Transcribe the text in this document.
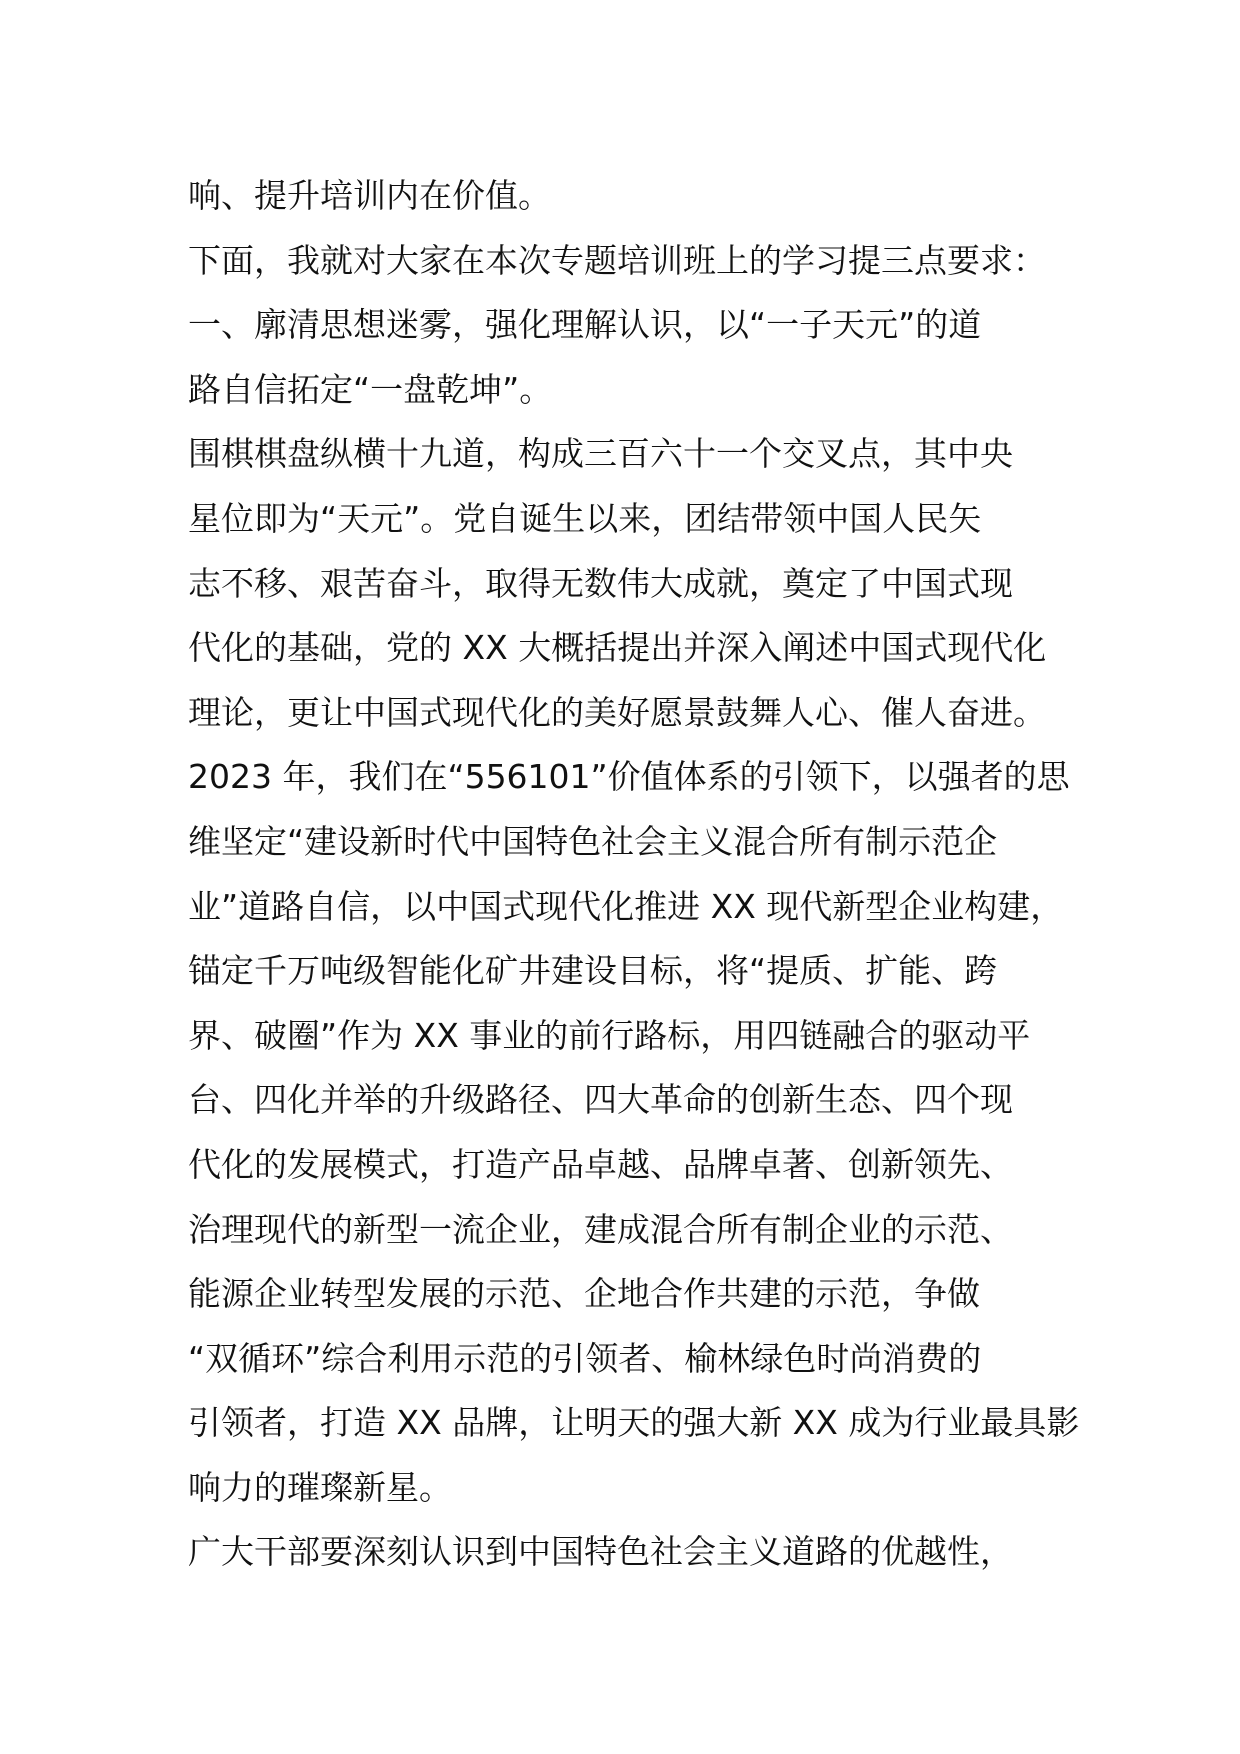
响、提升培训内在价值。
下面，我就对大家在本次专题培训班上的学习提三点要求：
一、廓清思想迷雾，强化理解认识，以“一子天元”的道
路自信拓定“一盘乾坤”。
围棋棋盘纵横十九道，构成三百六十一个交叉点，其中央
星位即为“天元”。党自诞生以来，团结带领中国人民矢
志不移、艰苦奋斗，取得无数伟大成就，奠定了中国式现
代化的基础，党的 XX 大概括提出并深入阐述中国式现代化
理论，更让中国式现代化的美好愿景鼓舞人心、催人奋进。
2023 年，我们在“556101”价值体系的引领下，以强者的思
维坚定“建设新时代中国特色社会主义混合所有制示范企
业”道路自信，以中国式现代化推进 XX 现代新型企业构建，
锚定千万吨级智能化矿井建设目标，将“提质、扩能、跨
界、破圈”作为 XX 事业的前行路标，用四链融合的驱动平
台、四化并举的升级路径、四大革命的创新生态、四个现
代化的发展模式，打造产品卓越、品牌卓著、创新领先、
治理现代的新型一流企业，建成混合所有制企业的示范、
能源企业转型发展的示范、企地合作共建的示范，争做
“双循环”综合利用示范的引领者、榆林绿色时尚消费的
引领者，打造 XX 品牌，让明天的强大新 XX 成为行业最具影
响力的璀璨新星。
广大干部要深刻认识到中国特色社会主义道路的优越性，
